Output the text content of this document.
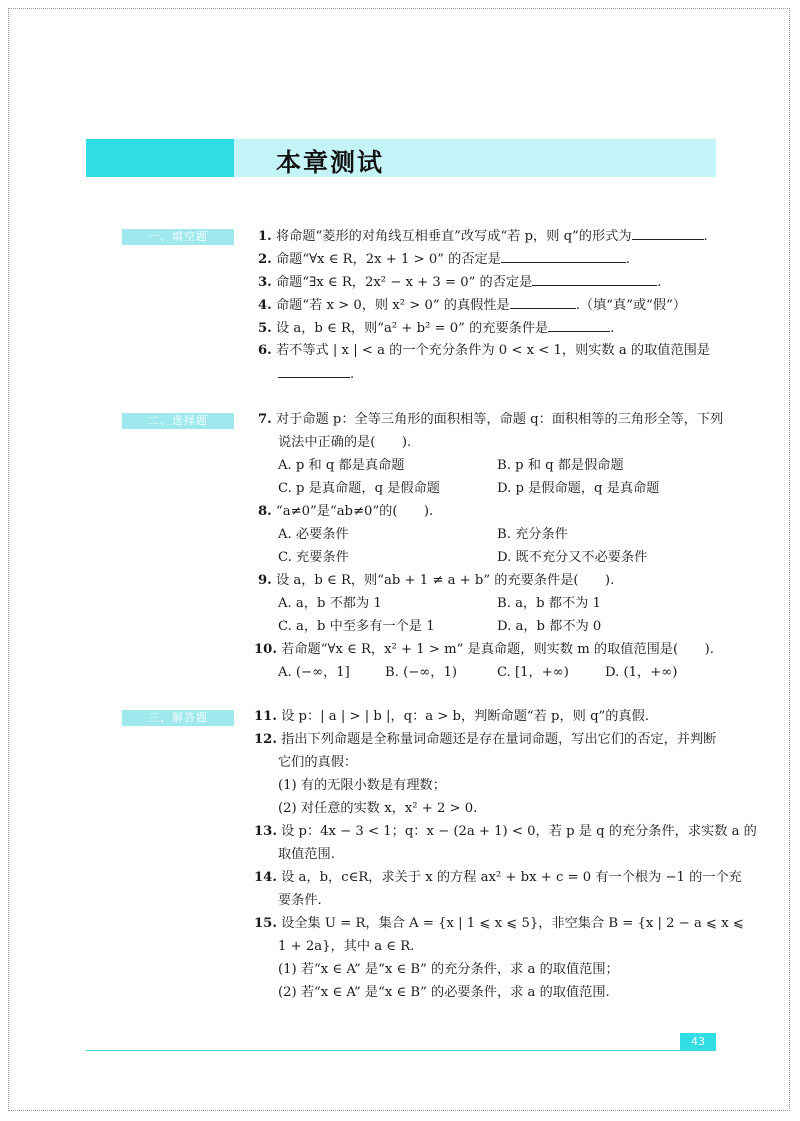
本章测试
一、填空题	1. 将命题“菱形的对角线互相垂直”改写成“若 p，则 q”的形式为	.
2. 命题“∀x ∈ R，2x + 1 > 0” 的否定是	.
3. 命题“∃x ∈ R，2x² − x + 3 = 0” 的否定是	.
4. 命题“若 x > 0，则 x² > 0” 的真假性是	.（填“真”或“假”）
5. 设 a，b ∈ R，则“a² + b² = 0” 的充要条件是	.
6. 若不等式 | x | < a 的一个充分条件为 0 < x < 1，则实数 a 的取值范围是
.
二、选择题	7. 对于命题 p：全等三角形的面积相等，命题 q：面积相等的三角形全等，下列
说法中正确的是(　　).
A. p 和 q 都是真命题	B. p 和 q 都是假命题
C. p 是真命题，q 是假命题	D. p 是假命题，q 是真命题
8. “a≠0”是“ab≠0”的(　　).
A. 必要条件	B. 充分条件
C. 充要条件	D. 既不充分又不必要条件
9. 设 a，b ∈ R，则“ab + 1 ≠ a + b” 的充要条件是(　　).
A. a，b 不都为 1	B. a，b 都不为 1
C. a，b 中至多有一个是 1	D. a，b 都不为 0
10. 若命题“∀x ∈ R，x² + 1 > m” 是真命题，则实数 m 的取值范围是(　　).
A. (−∞，1]	B. (−∞，1)	C. [1，+∞)	D. (1，+∞)
三、解答题	11. 设 p：| a | > | b |，q：a > b，判断命题“若 p，则 q”的真假.
12. 指出下列命题是全称量词命题还是存在量词命题，写出它们的否定，并判断
它们的真假：
(1) 有的无限小数是有理数；
(2) 对任意的实数 x，x² + 2 > 0.
13. 设 p：4x − 3 < 1；q：x − (2a + 1) < 0，若 p 是 q 的充分条件，求实数 a 的
取值范围.
14. 设 a，b，c∈R，求关于 x 的方程 ax² + bx + c = 0 有一个根为 −1 的一个充
要条件.
15. 设全集 U = R，集合 A = {x | 1 ⩽ x ⩽ 5}，非空集合 B = {x | 2 − a ⩽ x ⩽
1 + 2a}，其中 a ∈ R.
(1) 若“x ∈ A” 是“x ∈ B” 的充分条件，求 a 的取值范围；
(2) 若“x ∈ A” 是“x ∈ B” 的必要条件，求 a 的取值范围.
43
